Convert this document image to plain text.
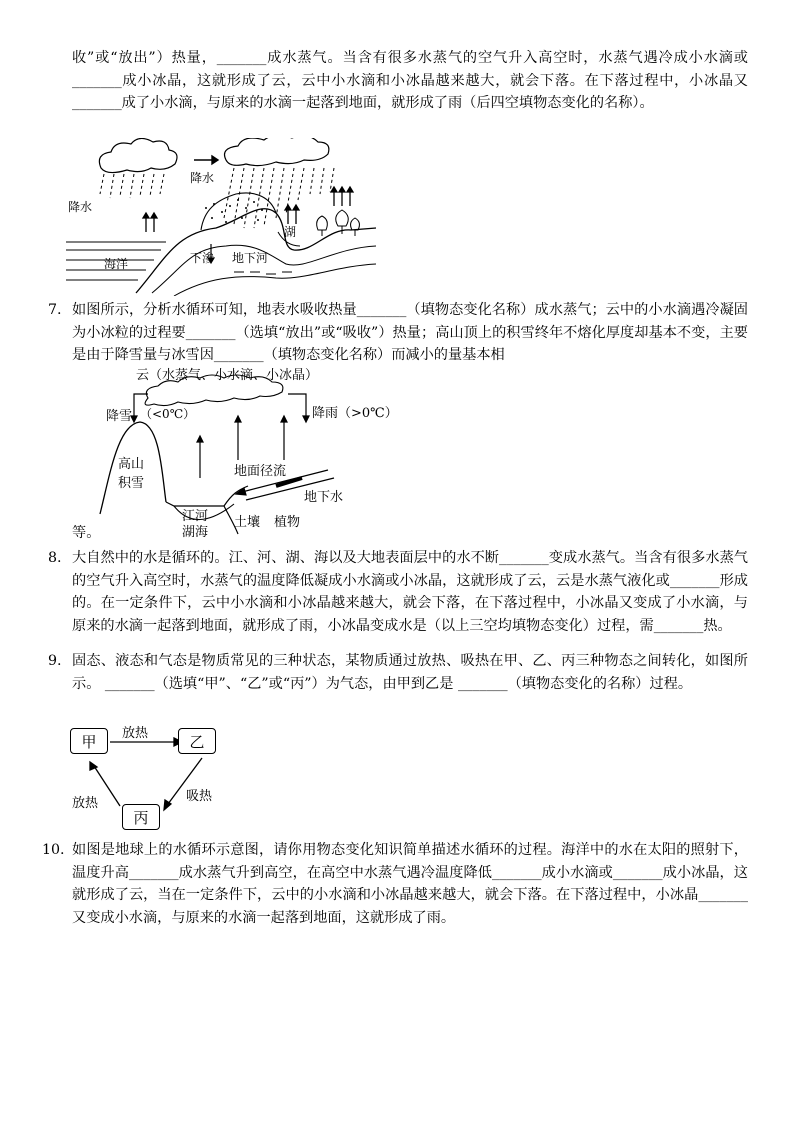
收”或“放出”）热量，_______成水蒸气。当含有很多水蒸气的空气升入高空时，水蒸气遇冷成小水滴或 _______成小冰晶，这就形成了云，云中小水滴和小冰晶越来越大，就会下落。在下落过程中，小冰晶又 _______成了小水滴，与原来的水滴一起落到地面，就形成了雨（后四空填物态变化的名称）。
降水
降水
海洋
湖
下渗 地下河
7. 如图所示，分析水循环可知，地表水吸收热量_______（填物态变化名称）成水蒸气；云中的小水滴遇冷凝固为小冰粒的过程要_______（选填“放出”或“吸收”）热量；高山顶上的积雪终年不熔化厚度却基本不变，主要是由于降雪量与冰雪因_______（填物态变化名称）而减小的量基本相
云（水蒸气、小水滴、小冰晶）
降雪 （<0℃）	降雨（>0℃）
高山
积雪
地面径流
地下水
江河
湖海
土壤 植物
等。
8. 大自然中的水是循环的。江、河、湖、海以及大地表面层中的水不断_______变成水蒸气。当含有很多水蒸气的空气升入高空时，水蒸气的温度降低凝成小水滴或小冰晶，这就形成了云，云是水蒸气液化或_______形成的。在一定条件下，云中小水滴和小冰晶越来越大，就会下落，在下落过程中，小冰晶又变成了小水滴，与原来的水滴一起落到地面，就形成了雨，小冰晶变成水是（以上三空均填物态变化）过程，需_______热。
9. 固态、液态和气态是物质常见的三种状态，某物质通过放热、吸热在甲、乙、丙三种物态之间转化，如图所示。 _______（选填“甲”、“乙”或“丙”）为气态，由甲到乙是 _______（填物态变化的名称）过程。
甲	乙
丙
放热
吸热
放热
10. 如图是地球上的水循环示意图，请你用物态变化知识简单描述水循环的过程。海洋中的水在太阳的照射下，温度升高_______成水蒸气升到高空，在高空中水蒸气遇冷温度降低_______成小水滴或_______成小冰晶，这就形成了云，当在一定条件下，云中的小水滴和小冰晶越来越大，就会下落。在下落过程中，小冰晶_______又变成小水滴，与原来的水滴一起落到地面，这就形成了雨。
